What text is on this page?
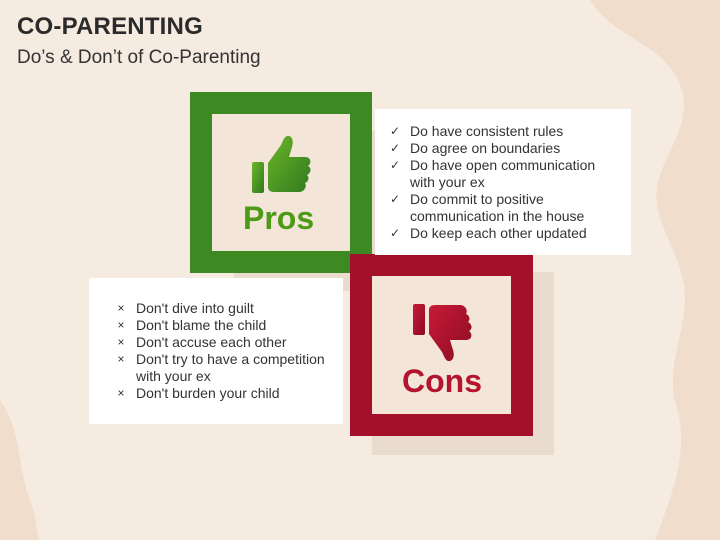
CO-PARENTING
Do’s & Don’t of Co-Parenting
Pros
Cons
✓ Do have consistent rules
✓ Do agree on boundaries
✓ Do have open communication with your ex
✓ Do commit to positive communication in the house
✓ Do keep each other updated
× Don't dive into guilt
× Don't blame the child
× Don't accuse each other
× Don't try to have a competition with your ex
× Don't burden your child
